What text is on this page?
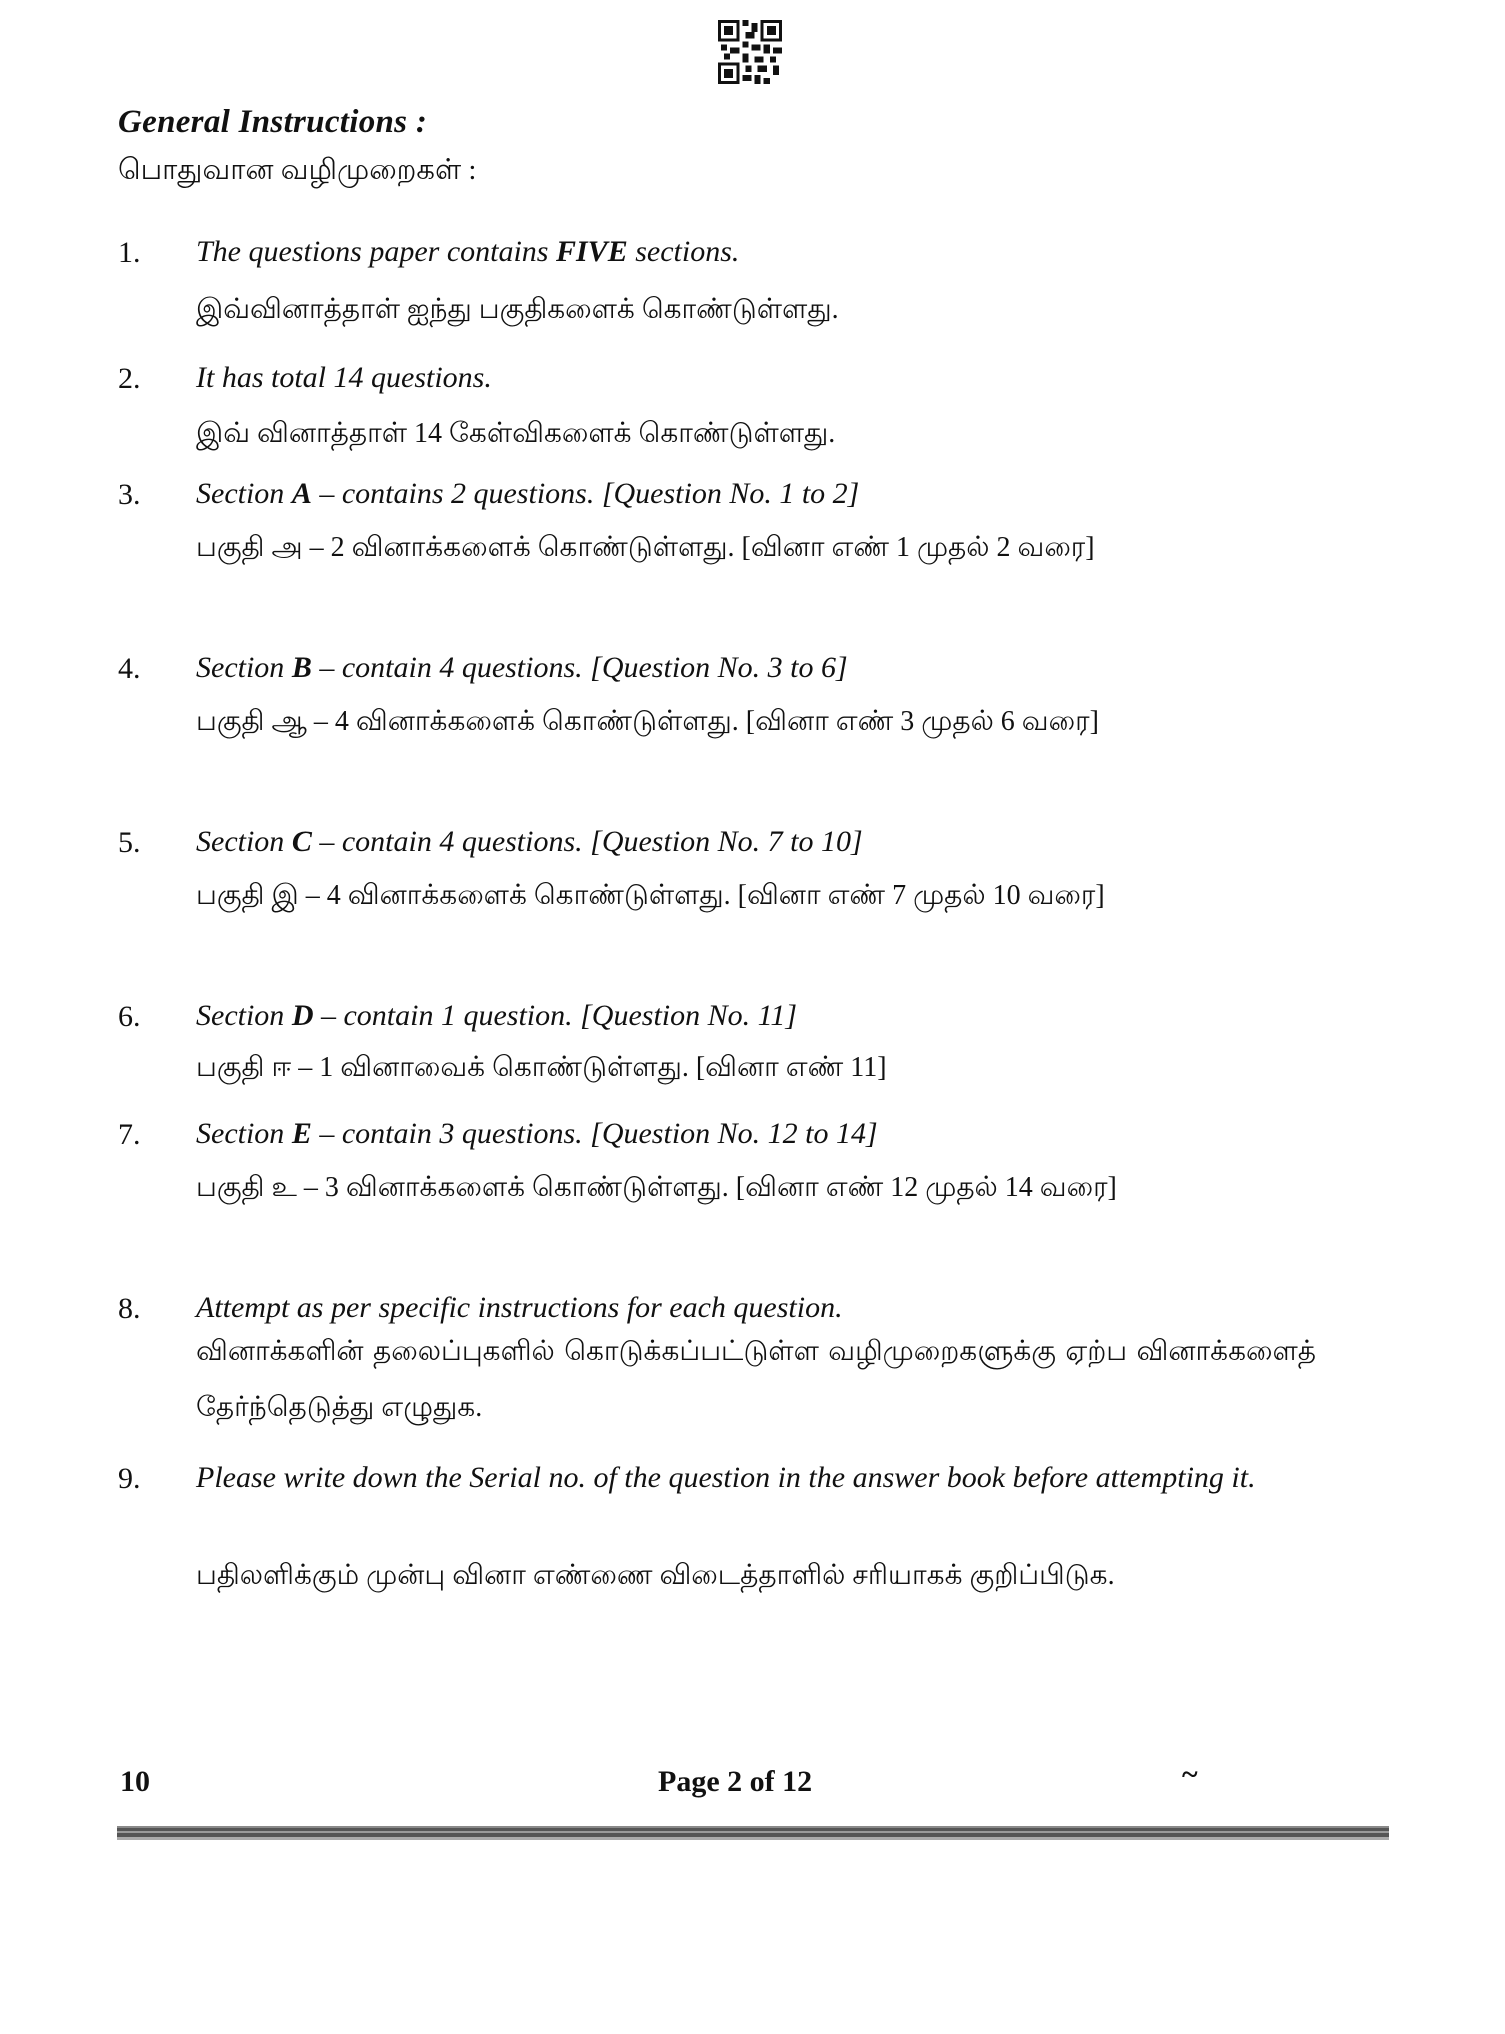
General Instructions :
பொதுவான வழிமுறைகள் :
1. The questions paper contains FIVE sections.
இவ்வினாத்தாள் ஐந்து பகுதிகளைக் கொண்டுள்ளது.
2. It has total 14 questions.
இவ் வினாத்தாள் 14 கேள்விகளைக் கொண்டுள்ளது.
3. Section A – contains 2 questions. [Question No. 1 to 2]
பகுதி அ – 2 வினாக்களைக் கொண்டுள்ளது. [வினா எண் 1 முதல் 2 வரை]
4. Section B – contain 4 questions. [Question No. 3 to 6]
பகுதி ஆ – 4 வினாக்களைக் கொண்டுள்ளது. [வினா எண் 3 முதல் 6 வரை]
5. Section C – contain 4 questions. [Question No. 7 to 10]
பகுதி இ – 4 வினாக்களைக் கொண்டுள்ளது. [வினா எண் 7 முதல் 10 வரை]
6. Section D – contain 1 question. [Question No. 11]
பகுதி ஈ – 1 வினாவைக் கொண்டுள்ளது. [வினா எண் 11]
7. Section E – contain 3 questions. [Question No. 12 to 14]
பகுதி உ – 3 வினாக்களைக் கொண்டுள்ளது. [வினா எண் 12 முதல் 14 வரை]
8. Attempt as per specific instructions for each question.
வினாக்களின் தலைப்புகளில் கொடுக்கப்பட்டுள்ள வழிமுறைகளுக்கு ஏற்ப வினாக்களைத் தேர்ந்தெடுத்து எழுதுக.
9. Please write down the Serial no. of the question in the answer book before attempting it.
பதிலளிக்கும் முன்பு வினா எண்ணை விடைத்தாளில் சரியாகக் குறிப்பிடுக.
10	Page 2 of 12	~
